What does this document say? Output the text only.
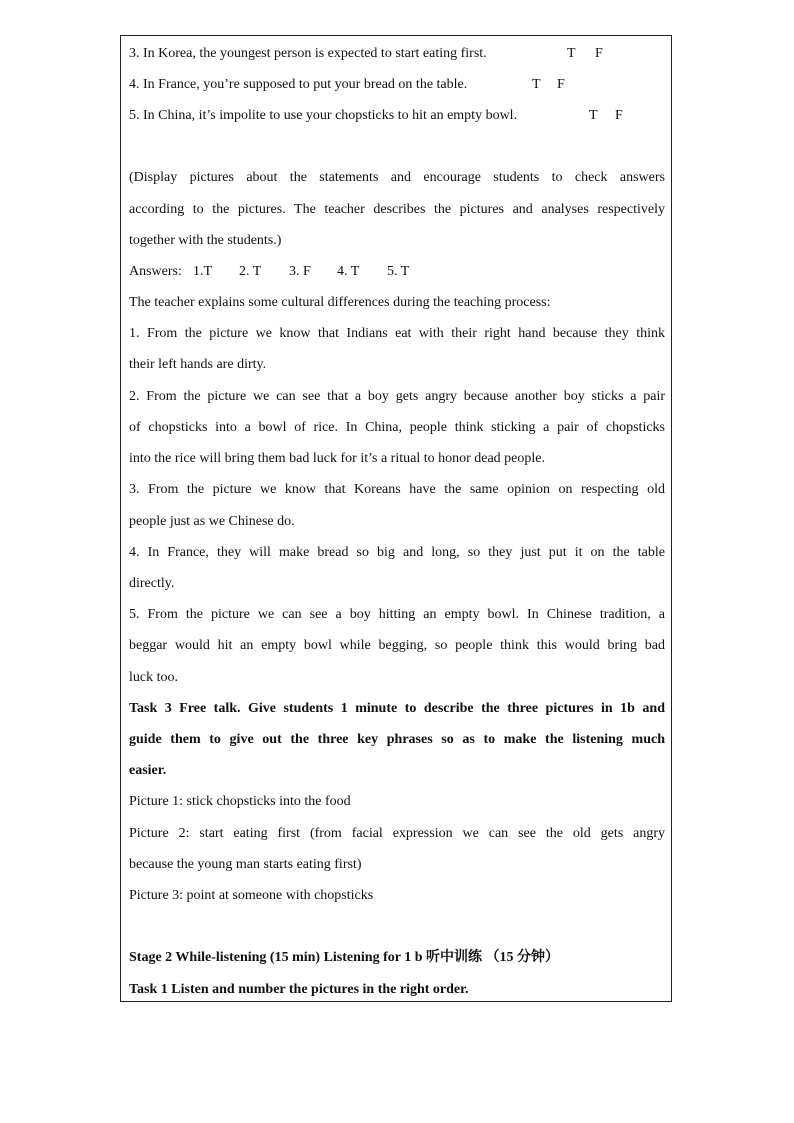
3. In Korea, the youngest person is expected to start eating first.	T F
4. In France, you’re supposed to put your bread on the table.	T F
5. In China, it’s impolite to use your chopsticks to hit an empty bowl.	T F
(Display pictures about the statements and encourage students to check answers
according to the pictures. The teacher describes the pictures and analyses respectively
together with the students.)
Answers: 1.T 2. T 3. F 4. T 5. T
The teacher explains some cultural differences during the teaching process:
1. From the picture we know that Indians eat with their right hand because they think
their left hands are dirty.
2. From the picture we can see that a boy gets angry because another boy sticks a pair
of chopsticks into a bowl of rice. In China, people think sticking a pair of chopsticks
into the rice will bring them bad luck for it’s a ritual to honor dead people.
3. From the picture we know that Koreans have the same opinion on respecting old
people just as we Chinese do.
4. In France, they will make bread so big and long, so they just put it on the table
directly.
5. From the picture we can see a boy hitting an empty bowl. In Chinese tradition, a
beggar would hit an empty bowl while begging, so people think this would bring bad
luck too.
Task 3 Free talk. Give students 1 minute to describe the three pictures in 1b and
guide them to give out the three key phrases so as to make the listening much
easier.
Picture 1: stick chopsticks into the food
Picture 2: start eating first (from facial expression we can see the old gets angry
because the young man starts eating first)
Picture 3: point at someone with chopsticks
Stage 2 While-listening (15 min) Listening for 1 b 听中训练 （15 分钟）
Task 1 Listen and number the pictures in the right order.
